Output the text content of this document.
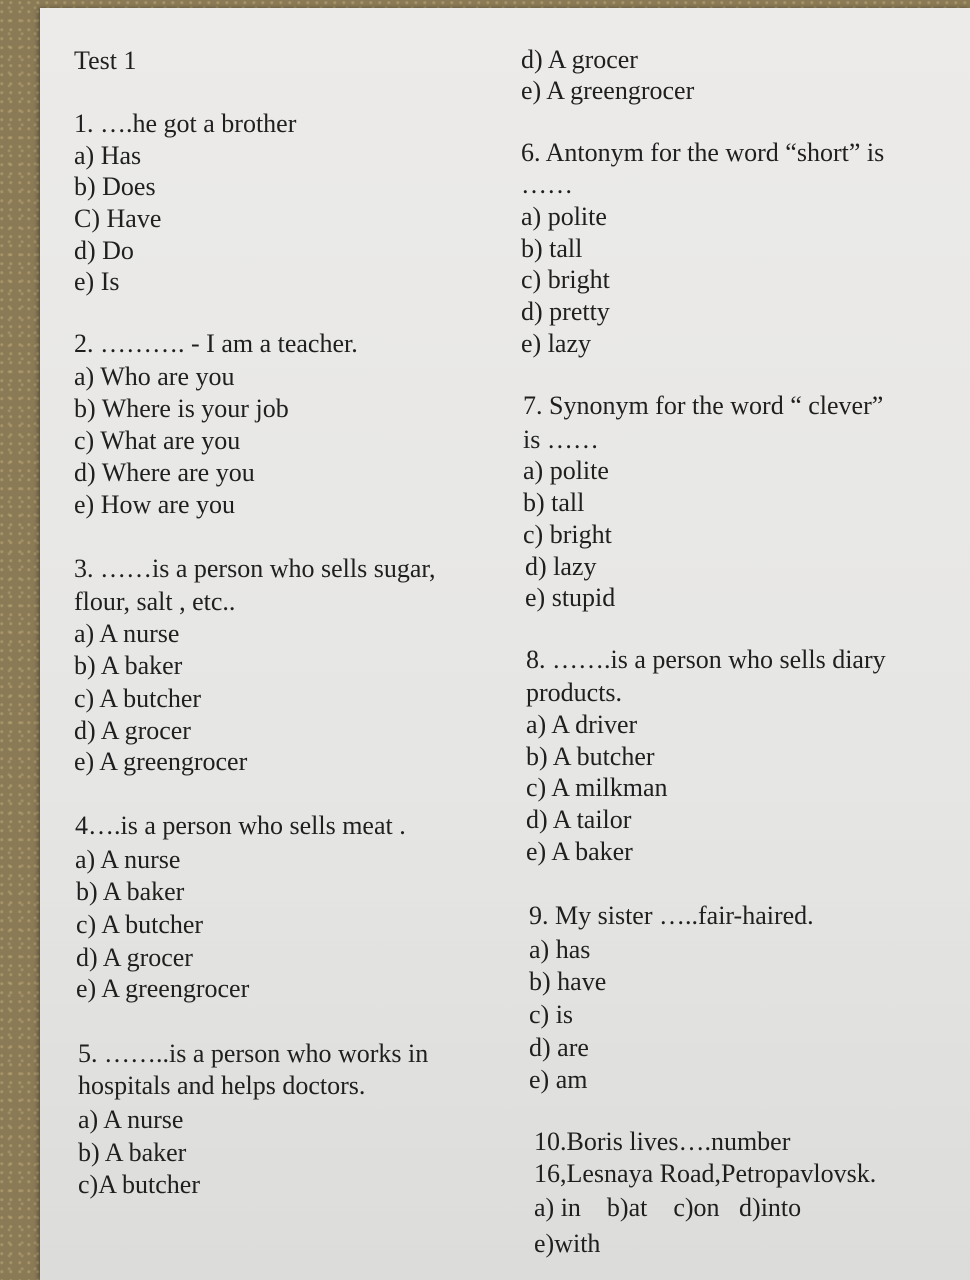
Test 1
1. ….he got a brother
a) Has
b) Does
C) Have
d) Do
e) Is
2. ………. - I am a teacher.
a) Who are you
b) Where is your job
c) What are you
d) Where are you
e) How are you
3. ……is a person who sells sugar,
flour, salt , etc..
a) A nurse
b) A baker
c) A butcher
d) A grocer
e) A greengrocer
4….is a person who sells meat .
a) A nurse
b) A baker
c) A butcher
d) A grocer
e) A greengrocer
5. ……..is a person who works in
hospitals and helps doctors.
a) A nurse
b) A baker
c)A butcher
d) A grocer
e) A greengrocer
6. Antonym for the word “short” is
……
a) polite
b) tall
c) bright
d) pretty
e) lazy
7. Synonym for the word “ clever”
is ……
a) polite
b) tall
c) bright
d) lazy
e) stupid
8. …….is a person who sells diary
products.
a) A driver
b) A butcher
c) A milkman
d) A tailor
e) A baker
9. My sister …..fair-haired.
a) has
b) have
c) is
d) are
e) am
10.Boris lives….number
16,Lesnaya Road,Petropavlovsk.
a) in    b)at    c)on   d)into
e)with
